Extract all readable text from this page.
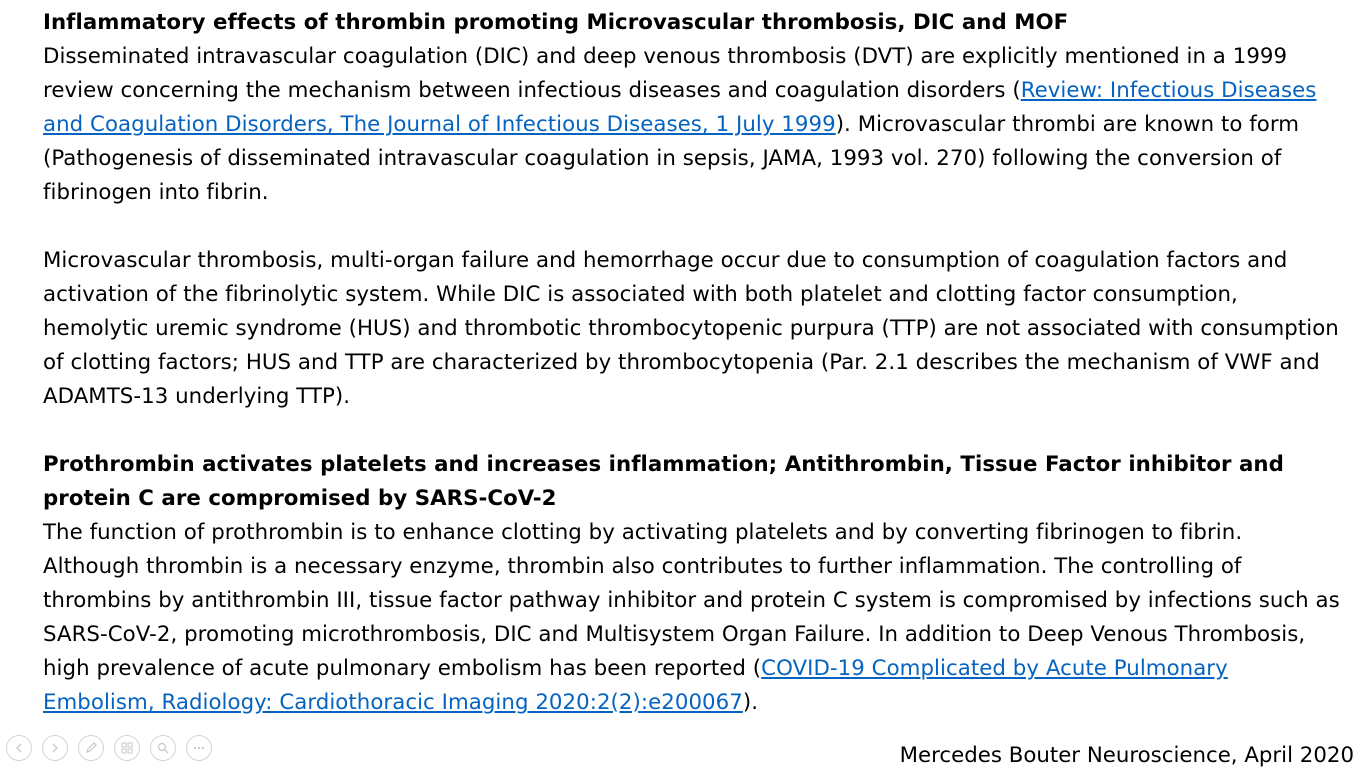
Inflammatory effects of thrombin promoting Microvascular thrombosis, DIC and MOF

Disseminated intravascular coagulation (DIC) and deep venous thrombosis (DVT) are explicitly mentioned in a 1999 review concerning the mechanism between infectious diseases and coagulation disorders (Review: Infectious Diseases and Coagulation Disorders, The Journal of Infectious Diseases, 1 July 1999). Microvascular thrombi are known to form (Pathogenesis of disseminated intravascular coagulation in sepsis, JAMA, 1993 vol. 270) following the conversion of fibrinogen into fibrin.

Microvascular thrombosis, multi-organ failure and hemorrhage occur due to consumption of coagulation factors and activation of the fibrinolytic system. While DIC is associated with both platelet and clotting factor consumption, hemolytic uremic syndrome (HUS) and thrombotic thrombocytopenic purpura (TTP) are not associated with consumption of clotting factors; HUS and TTP are characterized by thrombocytopenia (Par. 2.1 describes the mechanism of VWF and ADAMTS-13 underlying TTP).

Prothrombin activates platelets and increases inflammation; Antithrombin, Tissue Factor inhibitor and protein C are compromised by SARS-CoV-2

The function of prothrombin is to enhance clotting by activating platelets and by converting fibrinogen to fibrin. Although thrombin is a necessary enzyme, thrombin also contributes to further inflammation. The controlling of thrombins by antithrombin III, tissue factor pathway inhibitor and protein C system is compromised by infections such as SARS-CoV-2, promoting microthrombosis, DIC and Multisystem Organ Failure. In addition to Deep Venous Thrombosis, high prevalence of acute pulmonary embolism has been reported (COVID-19 Complicated by Acute Pulmonary Embolism, Radiology: Cardiothoracic Imaging 2020:2(2):e200067).

Mercedes Bouter Neuroscience, April 2020
